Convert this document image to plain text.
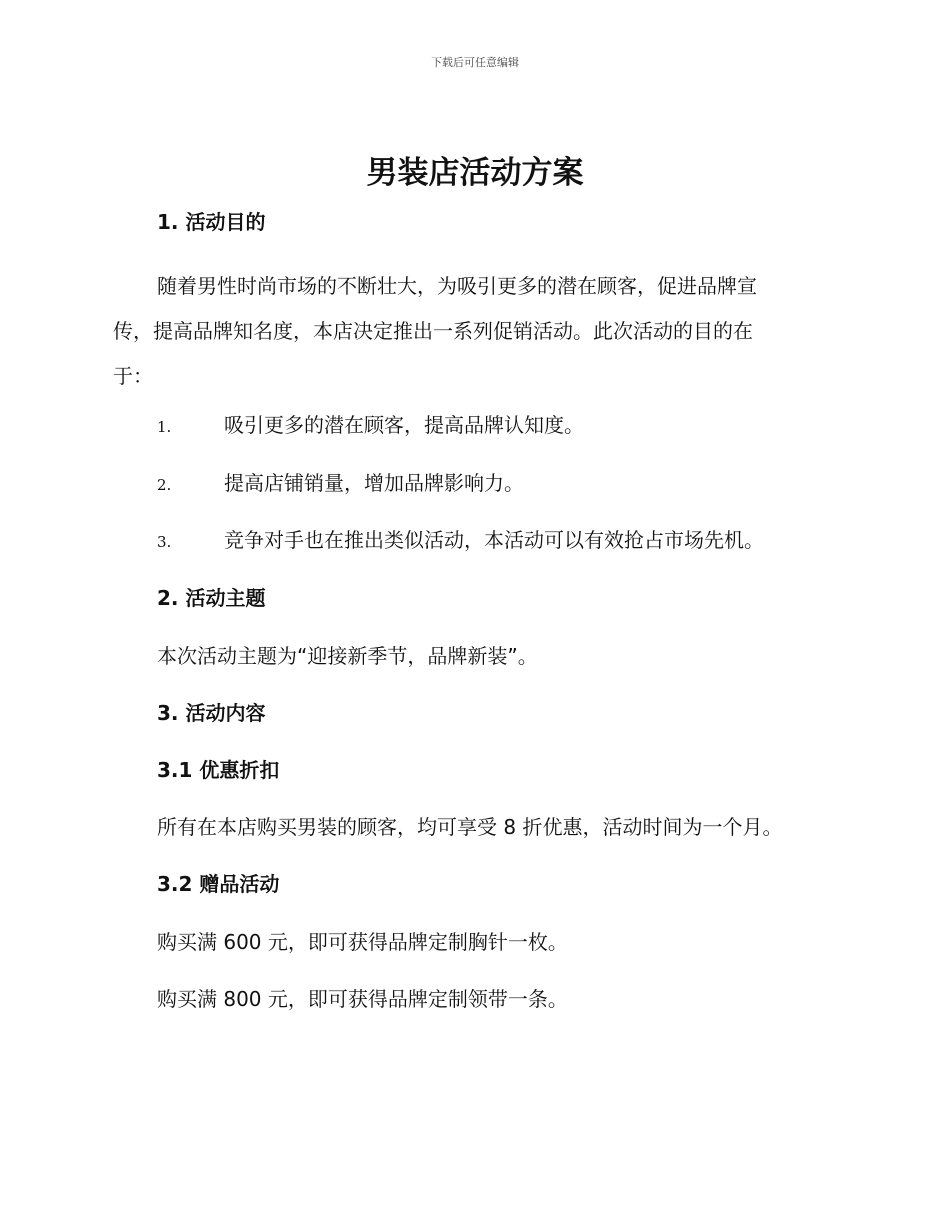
下载后可任意编辑
男装店活动方案
1. 活动目的
随着男性时尚市场的不断壮大，为吸引更多的潜在顾客，促进品牌宣
传，提高品牌知名度，本店决定推出一系列促销活动。此次活动的目的在
于：
1.	吸引更多的潜在顾客，提高品牌认知度。
2.	提高店铺销量，增加品牌影响力。
3.	竞争对手也在推出类似活动，本活动可以有效抢占市场先机。
2. 活动主题

本次活动主题为“迎接新季节，品牌新装”。

3. 活动内容
3.1 优惠折扣

所有在本店购买男装的顾客，均可享受 8 折优惠，活动时间为一个月。

3.2 赠品活动

购买满 600 元，即可获得品牌定制胸针一枚。

购买满 800 元，即可获得品牌定制领带一条。
